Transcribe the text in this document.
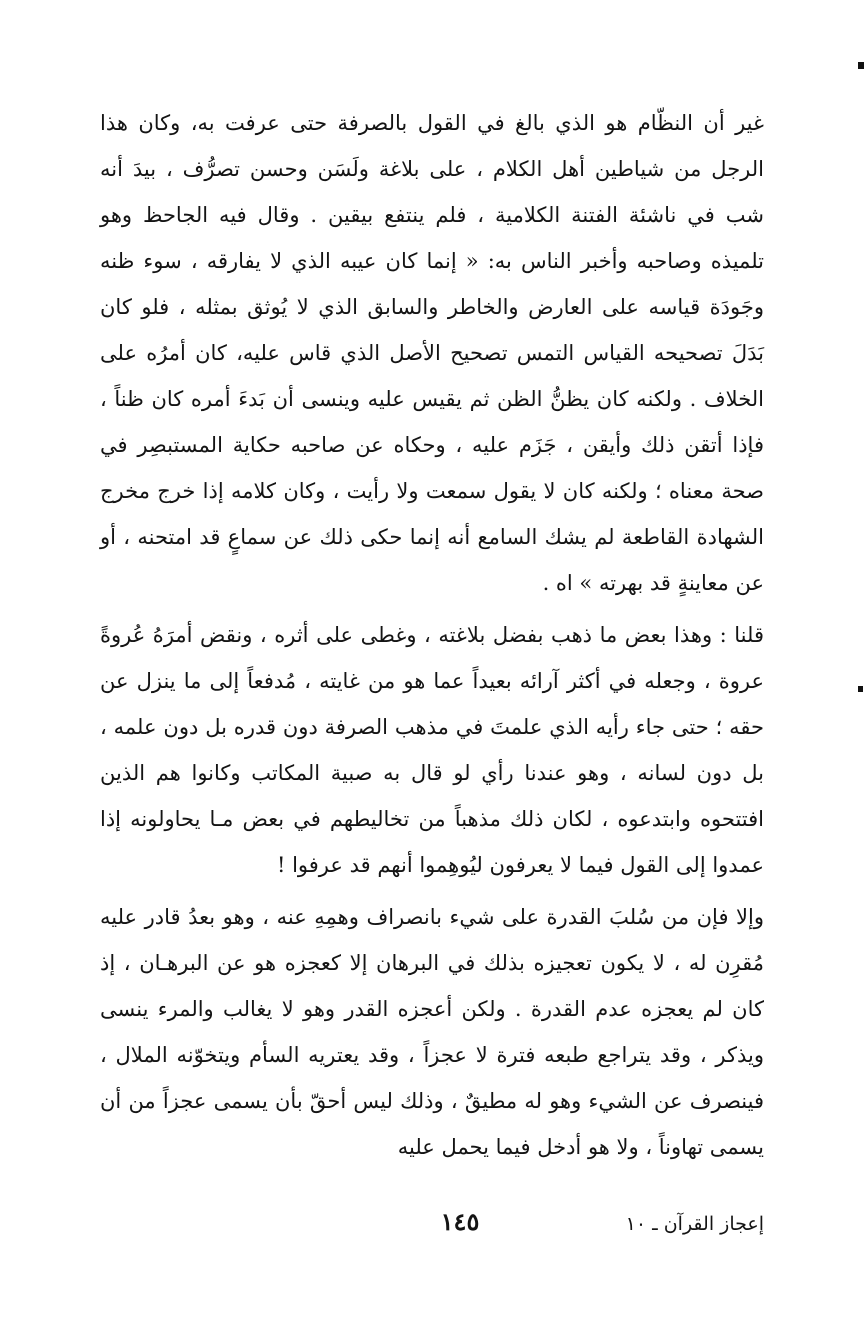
غير أن النظّام هو الذي بالغ في القول بالصرفة حتى عرفت به، وكان هذا الرجل من شياطين أهل الكلام ، على بلاغة ولَسَن وحسن تصرُّف ، بيدَ أنه شب في ناشئة الفتنة الكلامية ، فلم ينتفع بيقين . وقال فيه الجاحظ وهو تلميذه وصاحبه وأخبر الناس به: « إنما كان عيبه الذي لا يفارقه ، سوء ظنه وجَودَة قياسه على العارض والخاطر والسابق الذي لا يُوثق بمثله ، فلو كان بَدَلَ تصحيحه القياس التمس تصحيح الأصل الذي قاس عليه، كان أمرُه على الخلاف . ولكنه كان يظنُّ الظن ثم يقيس عليه وينسى أن بَدءَ أمره كان ظناً ، فإذا أتقن ذلك وأيقن ، جَزَم عليه ، وحكاه عن صاحبه حكاية المستبصِر في صحة معناه ؛ ولكنه كان لا يقول سمعت ولا رأيت ، وكان كلامه إذا خرج مخرج الشهادة القاطعة لم يشك السامع أنه إنما حكى ذلك عن سماعٍ قد امتحنه ، أو عن معاينةٍ قد بهرته » اه .

قلنا : وهذا بعض ما ذهب بفضل بلاغته ، وغطى على أثره ، ونقض أمرَهُ عُروةً عروة ، وجعله في أكثر آرائه بعيداً عما هو من غايته ، مُدفعاً إلى ما ينزل عن حقه ؛ حتى جاء رأيه الذي علمتَ في مذهب الصرفة دون قدره بل دون علمه ، بل دون لسانه ، وهو عندنا رأي لو قال به صبية المكاتب وكانوا هم الذين افتتحوه وابتدعوه ، لكان ذلك مذهباً من تخاليطهم في بعض مـا يحاولونه إذا عمدوا إلى القول فيما لا يعرفون ليُوهِموا أنهم قد عرفوا !

وإلا فإن من سُلبَ القدرة على شيء بانصراف وهمِهِ عنه ، وهو بعدُ قادر عليه مُقرِن له ، لا يكون تعجيزه بذلك في البرهان إلا كعجزه هو عن البرهـان ، إذ كان لم يعجزه عدم القدرة . ولكن أعجزه القدر وهو لا يغالب والمرء ينسى ويذكر ، وقد يتراجع طبعه فترة لا عجزاً ، وقد يعتريه السأم ويتخوّنه الملال ، فينصرف عن الشيء وهو له مطيقٌ ، وذلك ليس أحقّ بأن يسمى عجزاً من أن يسمى تهاوناً ، ولا هو أدخل فيما يحمل عليه

إعجاز القرآن ـ ١٠
١٤٥
